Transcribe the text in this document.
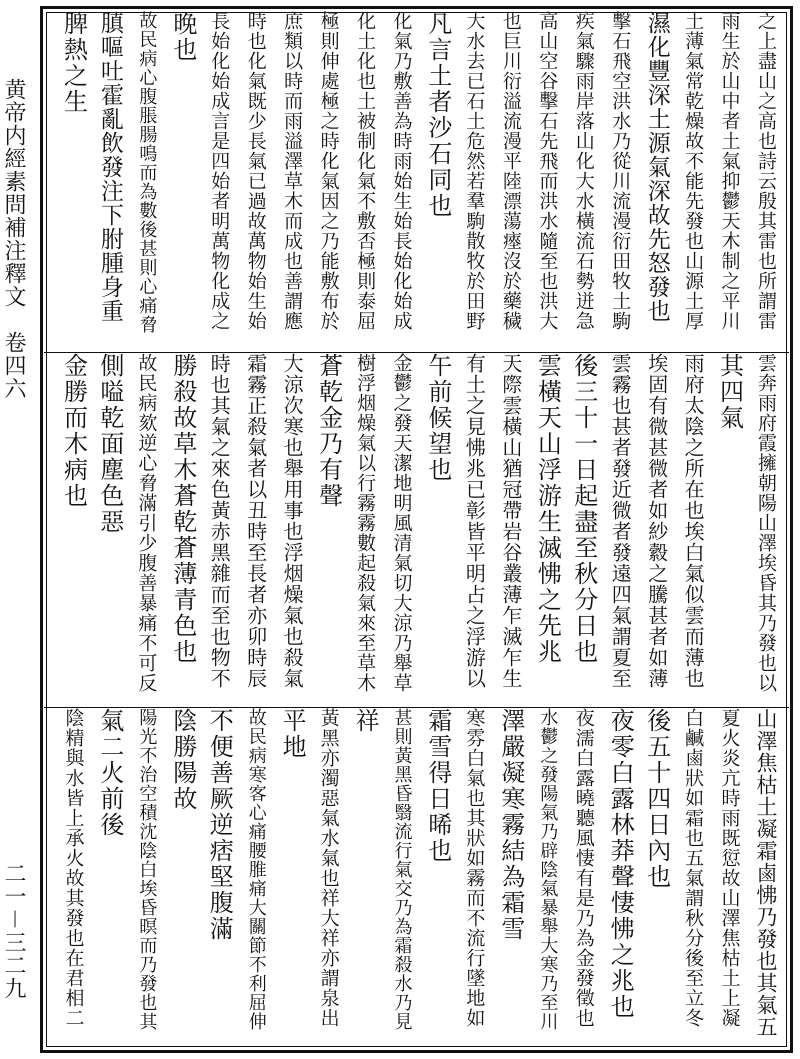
黄帝内經素問補注釋文　卷四六
二一－三二九
之上盡山之高也詩云殷其雷也所謂雷
雨生於山中者土氣抑鬱天木制之平川
土薄氣常乾燥故不能先發也山源土厚
濕化豐深土源氣深故先怒發也
擊石飛空洪水乃從川流漫衍田牧土駒
疾氣驟雨岸落山化大水橫流石勢迸急
高山空谷擊石先飛而洪水隨至也洪大
也巨川衍溢流漫平陸漂蕩瘞沒於藥穢
大水去已石土危然若羣駒散牧於田野
凡言土者沙石同也
化氣乃敷善為時雨始生始長始化始成
化土化也土被制化氣不敷否極則泰屈
極則伸處極之時化氣因之乃能敷布於
庶類以時而雨溢澤草木而成也善謂應
時也化氣既少長氣已過故萬物始生始
長始化始成言是四始者明萬物化成之
晚也
故民病心腹脹腸鳴而為數後甚則心痛脅
䐜嘔吐霍亂飲發注下胕腫身重
脾熱之生
雲奔雨府霞擁朝陽山澤埃昏其乃發也以
其四氣
雨府太陰之所在也埃白氣似雲而薄也
埃固有微甚微者如紗縠之騰甚者如薄
雲霧也甚者發近微者發遠四氣謂夏至
後三十一日起盡至秋分日也
雲橫天山浮游生滅怫之先兆
天際雲橫山猶冠帶岩谷叢薄乍滅乍生
有土之見怫兆已彰皆平明占之浮游以
午前候望也
金鬱之發天潔地明風清氣切大涼乃舉草
樹浮烟燥氣以行霧霧數起殺氣來至草木
蒼乾金乃有聲
大涼次寒也舉用事也浮烟燥氣也殺氣
霜霧正殺氣者以丑時至長者亦卯時辰
時也其氣之來色黃赤黑雜而至也物不
勝殺故草木蒼乾蒼薄青色也
故民病欬逆心脅滿引少腹善暴痛不可反
側嗌乾面塵色惡
金勝而木病也
山澤焦枯土凝霜鹵怫乃發也其氣五
夏火炎亢時雨既愆故山澤焦枯土上凝
白鹹鹵狀如霜也五氣謂秋分後至立冬
後五十四日內也
夜零白露林莽聲悽怫之兆也
夜濡白露曉聽風悽有是乃為金發徵也
水鬱之發陽氣乃辟陰氣暴舉大寒乃至川
澤嚴凝寒霧結為霜雪
寒雰白氣也其狀如霧而不流行墜地如
霜雪得日晞也
甚則黃黑昏翳流行氣交乃為霜殺水乃見
祥
黃黑亦濁惡氣水氣也祥大祥亦謂泉出
平地
故民病寒客心痛腰脽痛大關節不利屈伸
不便善厥逆痞堅腹滿
陰勝陽故
陽光不治空積沈陰白埃昏暝而乃發也其
氣二火前後
陰精與水皆上承火故其發也在君相二
